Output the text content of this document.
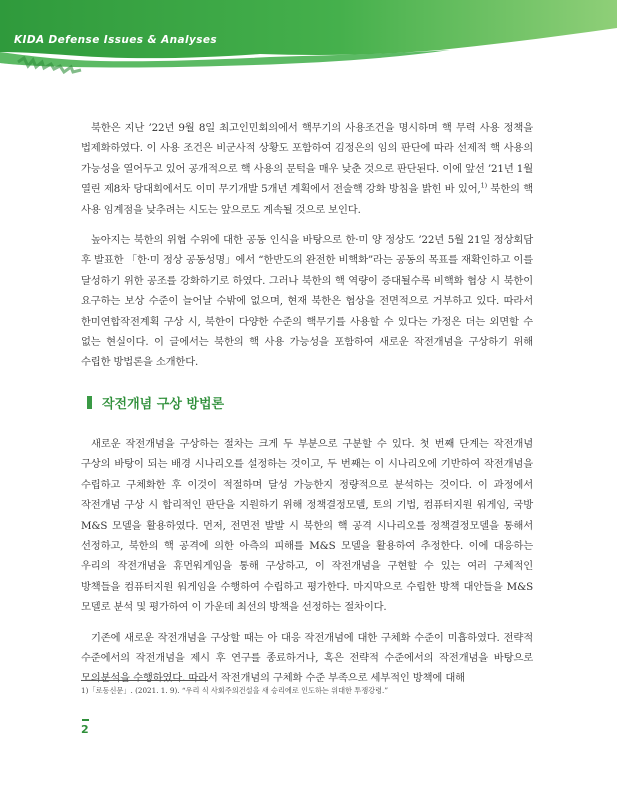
KIDA Defense Issues & Analyses

북한은 지난 ’22년 9월 8일 최고인민회의에서 핵무기의 사용조건을 명시하며 핵 무력 사용 정책을 법제화하였다. 이 사용 조건은 비군사적 상황도 포함하여 김정은의 임의 판단에 따라 선제적 핵 사용의 가능성을 열어두고 있어 공개적으로 핵 사용의 문턱을 매우 낮춘 것으로 판단된다. 이에 앞선 ’21년 1월 열린 제8차 당대회에서도 이미 무기개발 5개년 계획에서 전술핵 강화 방침을 밝힌 바 있어,$^{1)}$ 북한의 핵 사용 임계점을 낮추려는 시도는 앞으로도 계속될 것으로 보인다.

높아지는 북한의 위협 수위에 대한 공동 인식을 바탕으로 한·미 양 정상도 ’22년 5월 21일 정상회담 후 발표한 「한·미 정상 공동성명」에서 “한반도의 완전한 비핵화”라는 공동의 목표를 재확인하고 이를 달성하기 위한 공조를 강화하기로 하였다. 그러나 북한의 핵 역량이 증대될수록 비핵화 협상 시 북한이 요구하는 보상 수준이 늘어날 수밖에 없으며, 현재 북한은 협상을 전면적으로 거부하고 있다. 따라서 한미연합작전계획 구상 시, 북한이 다양한 수준의 핵무기를 사용할 수 있다는 가정은 더는 외면할 수 없는 현실이다. 이 글에서는 북한의 핵 사용 가능성을 포함하여 새로운 작전개념을 구상하기 위해 수립한 방법론을 소개한다.

작전개념 구상 방법론

새로운 작전개념을 구상하는 절차는 크게 두 부분으로 구분할 수 있다. 첫 번째 단계는 작전개념 구상의 바탕이 되는 배경 시나리오를 설정하는 것이고, 두 번째는 이 시나리오에 기반하여 작전개념을 수립하고 구체화한 후 이것이 적절하며 달성 가능한지 정량적으로 분석하는 것이다. 이 과정에서 작전개념 구상 시 합리적인 판단을 지원하기 위해 정책결정모델, 토의 기법, 컴퓨터지원 워게임, 국방 M&S 모델을 활용하였다. 먼저, 전면전 발발 시 북한의 핵 공격 시나리오를 정책결정모델을 통해서 선정하고, 북한의 핵 공격에 의한 아측의 피해를 M&S 모델을 활용하여 추정한다. 이에 대응하는 우리의 작전개념을 휴먼워게임을 통해 구상하고, 이 작전개념을 구현할 수 있는 여러 구체적인 방책들을 컴퓨터지원 워게임을 수행하여 수립하고 평가한다. 마지막으로 수립한 방책 대안들을 M&S 모델로 분석 및 평가하여 이 가운데 최선의 방책을 선정하는 절차이다.

기존에 새로운 작전개념을 구상할 때는 아 대응 작전개념에 대한 구체화 수준이 미흡하였다. 전략적 수준에서의 작전개념을 제시 후 연구를 종료하거나, 혹은 전략적 수준에서의 작전개념을 바탕으로 모의분석을 수행하였다. 따라서 작전개념의 구체화 수준 부족으로 세부적인 방책에 대해

1)「로동신문」. (2021. 1. 9). “우리 식 사회주의건설을 새 승리에로 인도하는 위대한 투쟁강령.”
2
